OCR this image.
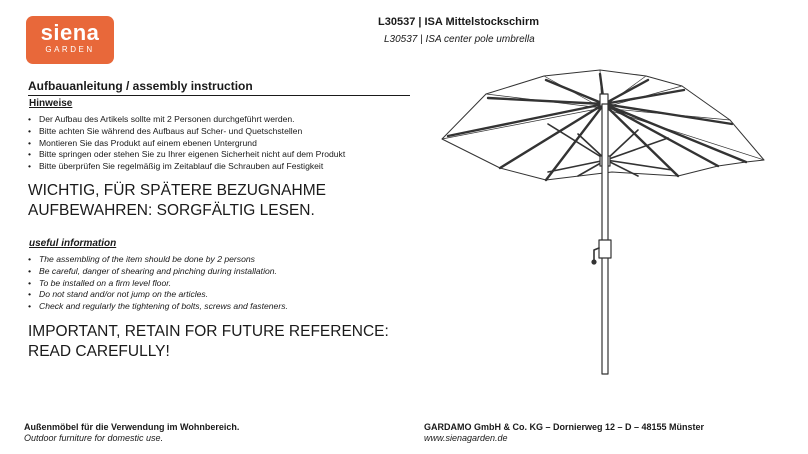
siena
GARDEN
L30537 | ISA Mittelstockschirm
L30537 | ISA center pole umbrella
Aufbauanleitung / assembly instruction
Hinweise
• Der Aufbau des Artikels sollte mit 2 Personen durchgeführt werden.
• Bitte achten Sie während des Aufbaus auf Scher- und Quetschstellen
• Montieren Sie das Produkt auf einem ebenen Untergrund
• Bitte springen oder stehen Sie zu Ihrer eigenen Sicherheit nicht auf dem Produkt
• Bitte überprüfen Sie regelmäßig im Zeitablauf die Schrauben auf Festigkeit
WICHTIG, FÜR SPÄTERE BEZUGNAHME
AUFBEWAHREN: SORGFÄLTIG LESEN.
useful information
• The assembling of the item should be done by 2 persons
• Be careful, danger of shearing and pinching during installation.
• To be installed on a firm level floor.
• Do not stand and/or not jump on the articles.
• Check and regularly the tightening of bolts, screws and fasteners.
IMPORTANT, RETAIN FOR FUTURE REFERENCE:
READ CAREFULLY!
Außenmöbel für die Verwendung im Wohnbereich.
Outdoor furniture for domestic use.
GARDAMO GmbH & Co. KG – Dornierweg 12 – D – 48155 Münster
www.sienagarden.de
